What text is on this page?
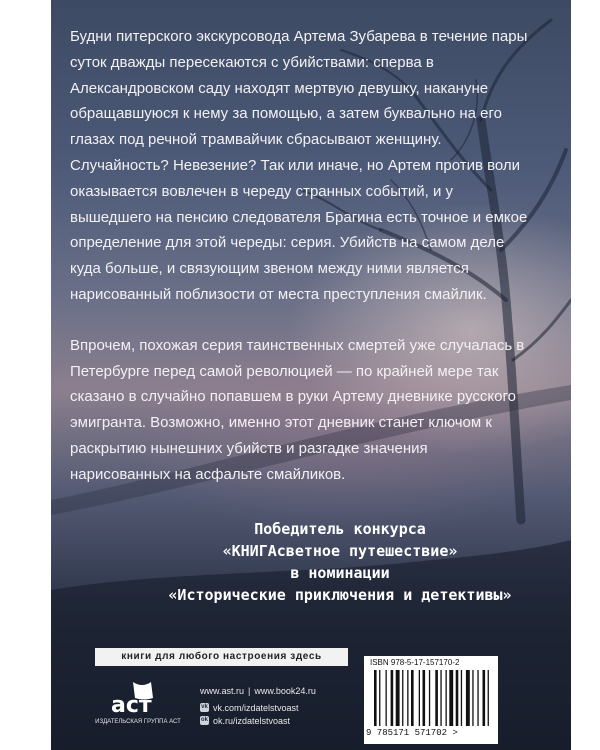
Будни питерского экскурсовода Артема Зубарева в течение пары суток дважды пересекаются с убийствами: сперва в Александровском саду находят мертвую девушку, накануне обращавшуюся к нему за помощью, а затем буквально на его глазах под речной трамвайчик сбрасывают женщину. Случайность? Невезение? Так или иначе, но Артем против воли оказывается вовлечен в череду странных событий, и у вышедшего на пенсию следователя Брагина есть точное и емкое определение для этой череды: серия. Убийств на самом деле куда больше, и связующим звеном между ними является нарисованный поблизости от места преступления смайлик.

Впрочем, похожая серия таинственных смертей уже случалась в Петербурге перед самой революцией — по крайней мере так сказано в случайно попавшем в руки Артему дневнике русского эмигранта. Возможно, именно этот дневник станет ключом к раскрытию нынешних убийств и разгадке значения нарисованных на асфальте смайликов.

Победитель конкурса
«КНИГАсветное путешествие»
в номинации
«Исторические приключения и детективы»
книги для любого настроения здесь
аст
ИЗДАТЕЛЬСКАЯ ГРУППА АСТ
www.ast.ru | www.book24.ru
vk vk.com/izdatelstvoast
ok ok.ru/izdatelstvoast
ISBN 978-5-17-157170-2
9 785171 571702 >
